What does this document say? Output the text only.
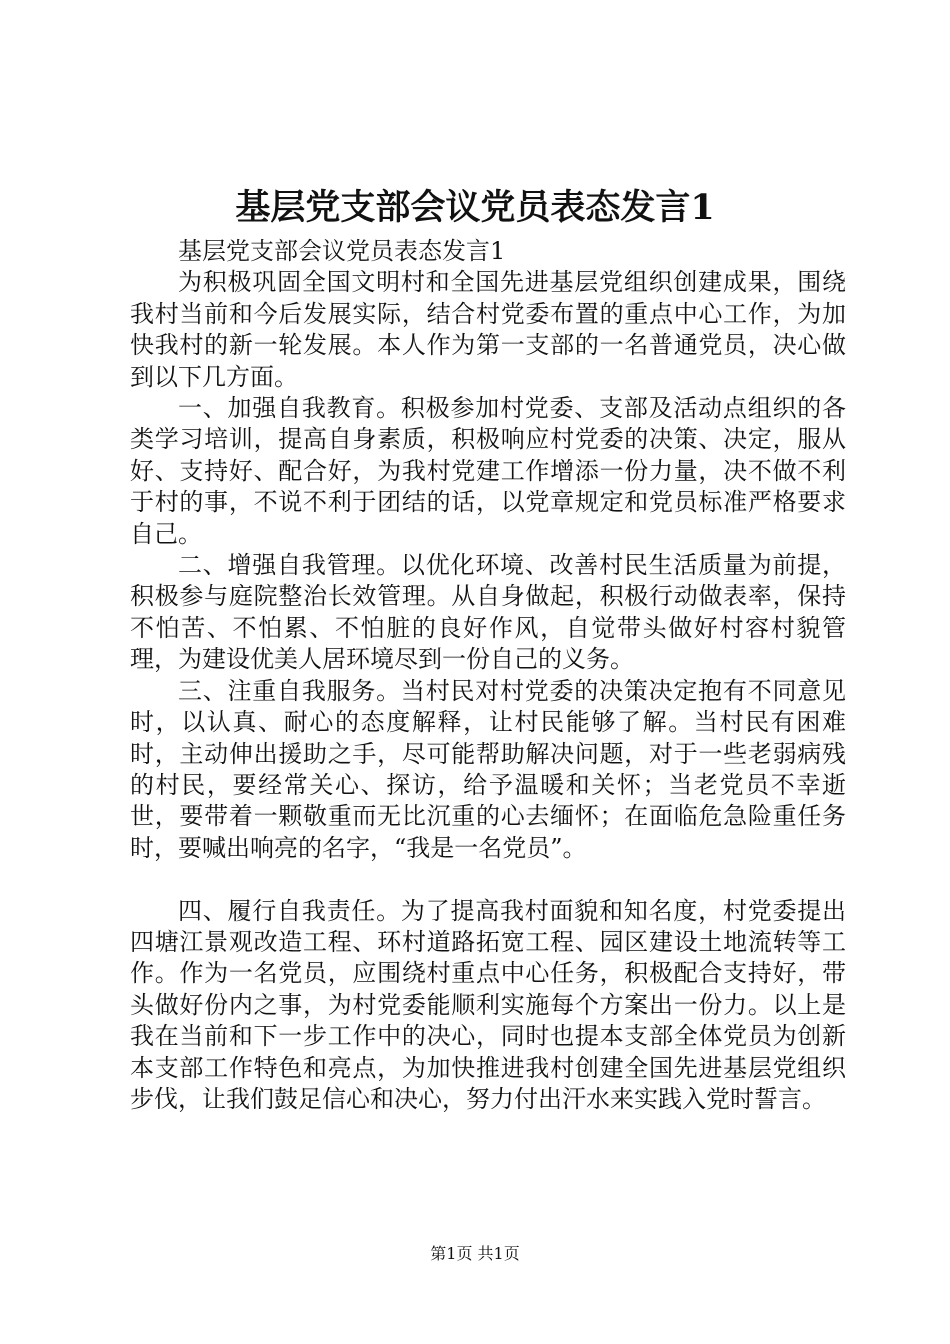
基层党支部会议党员表态发言1

基层党支部会议党员表态发言1

为积极巩固全国文明村和全国先进基层党组织创建成果，围绕我村当前和今后发展实际，结合村党委布置的重点中心工作，为加快我村的新一轮发展。本人作为第一支部的一名普通党员，决心做到以下几方面。

一、加强自我教育。积极参加村党委、支部及活动点组织的各类学习培训，提高自身素质，积极响应村党委的决策、决定，服从好、支持好、配合好，为我村党建工作增添一份力量，决不做不利于村的事，不说不利于团结的话，以党章规定和党员标准严格要求自己。

二、增强自我管理。以优化环境、改善村民生活质量为前提，积极参与庭院整治长效管理。从自身做起，积极行动做表率，保持不怕苦、不怕累、不怕脏的良好作风，自觉带头做好村容村貌管理，为建设优美人居环境尽到一份自己的义务。

三、注重自我服务。当村民对村党委的决策决定抱有不同意见时，以认真、耐心的态度解释，让村民能够了解。当村民有困难时，主动伸出援助之手，尽可能帮助解决问题，对于一些老弱病残的村民，要经常关心、探访，给予温暖和关怀；当老党员不幸逝世，要带着一颗敬重而无比沉重的心去缅怀；在面临危急险重任务时，要喊出响亮的名字，“我是一名党员”。

四、履行自我责任。为了提高我村面貌和知名度，村党委提出四塘江景观改造工程、环村道路拓宽工程、园区建设土地流转等工作。作为一名党员，应围绕村重点中心任务，积极配合支持好，带头做好份内之事，为村党委能顺利实施每个方案出一份力。以上是我在当前和下一步工作中的决心，同时也提本支部全体党员为创新本支部工作特色和亮点，为加快推进我村创建全国先进基层党组织步伐，让我们鼓足信心和决心，努力付出汗水来实践入党时誓言。

第1页 共1页
